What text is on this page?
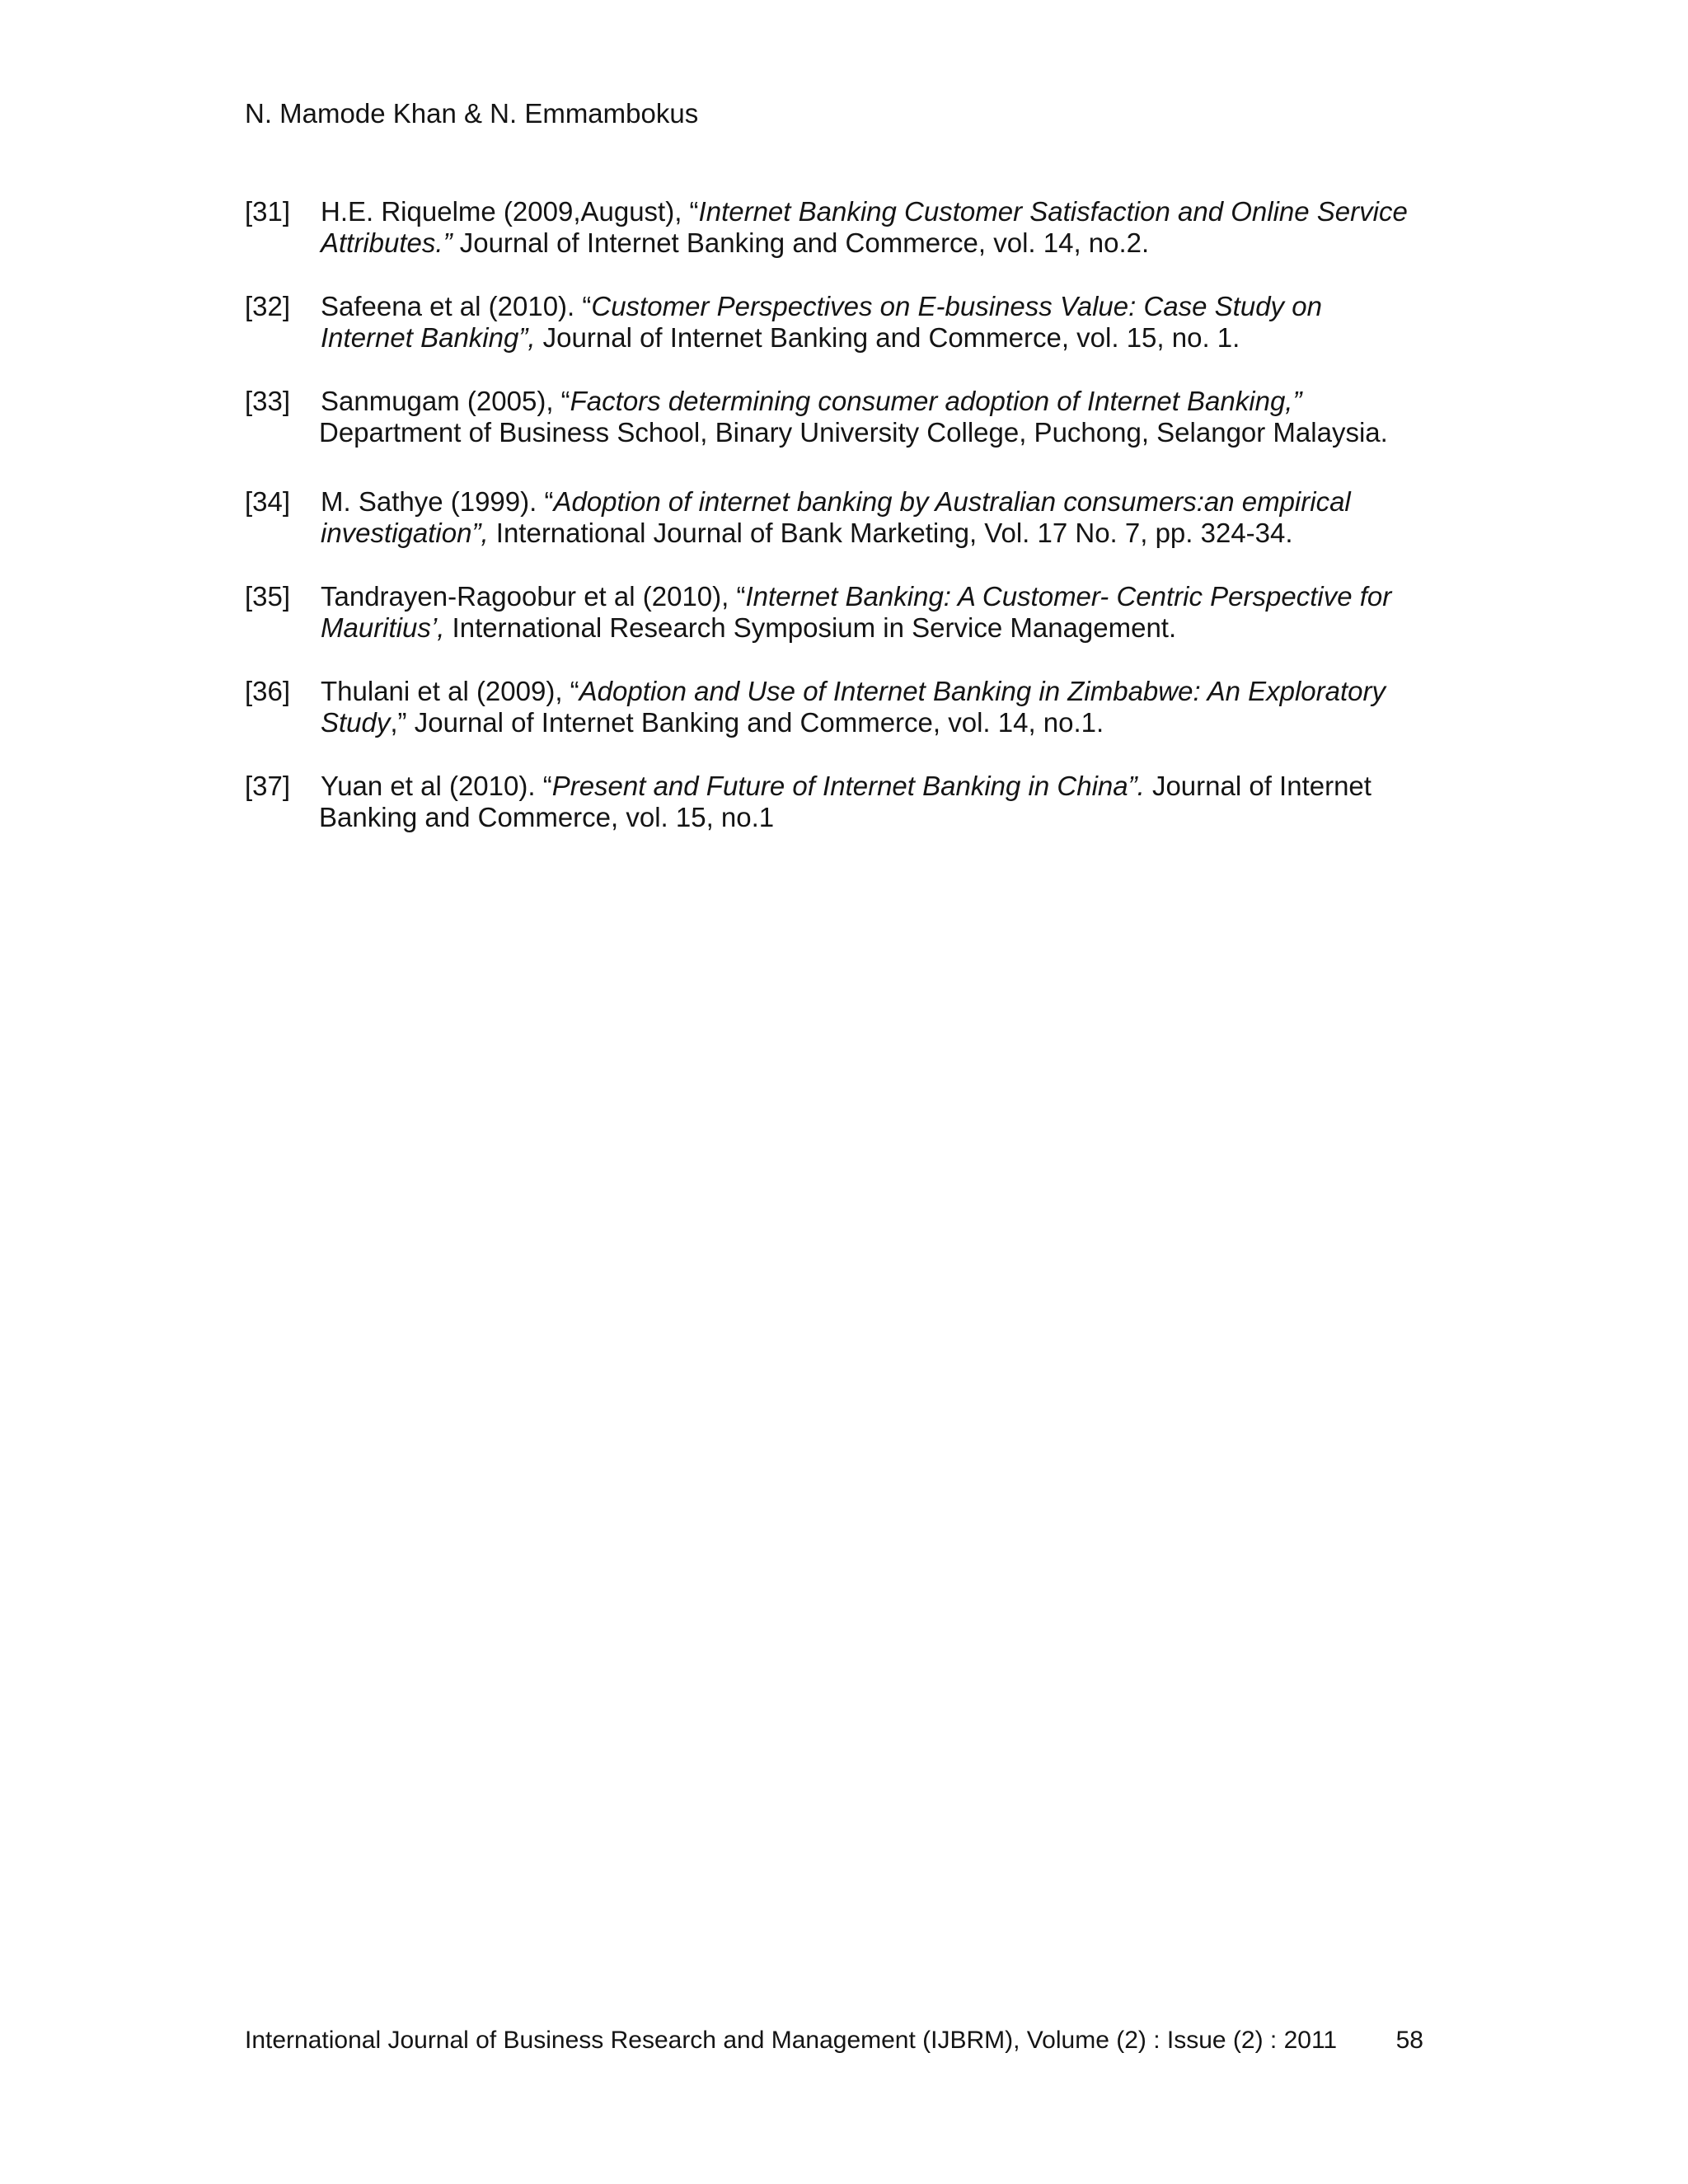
N. Mamode Khan & N. Emmambokus
[31] H.E. Riquelme (2009,August), “Internet Banking Customer Satisfaction and Online Service
Attributes.” Journal of Internet Banking and Commerce, vol. 14, no.2.
[32] Safeena et al (2010). “Customer Perspectives on E-business Value: Case Study on
Internet Banking”, Journal of Internet Banking and Commerce, vol. 15, no. 1.
[33] Sanmugam (2005), “Factors determining consumer adoption of Internet Banking,”
Department of Business School, Binary University College, Puchong, Selangor Malaysia.
[34] M. Sathye (1999). “Adoption of internet banking by Australian consumers:an empirical
investigation”, International Journal of Bank Marketing, Vol. 17 No. 7, pp. 324-34.
[35] Tandrayen-Ragoobur et al (2010), “Internet Banking: A Customer- Centric Perspective for
Mauritius’, International Research Symposium in Service Management.
[36] Thulani et al (2009), “Adoption and Use of Internet Banking in Zimbabwe: An Exploratory
Study,” Journal of Internet Banking and Commerce, vol. 14, no.1.
[37] Yuan et al (2010). “Present and Future of Internet Banking in China”. Journal of Internet
Banking and Commerce, vol. 15, no.1
International Journal of Business Research and Management (IJBRM), Volume (2) : Issue (2) : 2011 58
